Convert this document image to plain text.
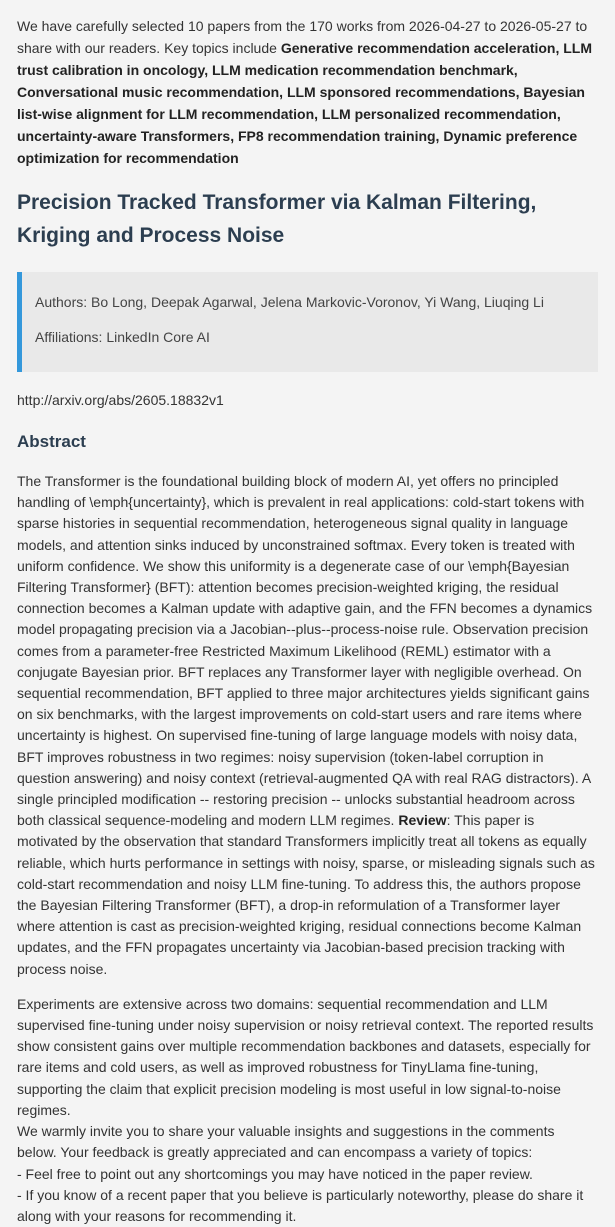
We have carefully selected 10 papers from the 170 works from 2026-04-27 to 2026-05-27 to share with our readers. Key topics include Generative recommendation acceleration, LLM trust calibration in oncology, LLM medication recommendation benchmark, Conversational music recommendation, LLM sponsored recommendations, Bayesian list-wise alignment for LLM recommendation, LLM personalized recommendation, uncertainty-aware Transformers, FP8 recommendation training, Dynamic preference optimization for recommendation

Precision Tracked Transformer via Kalman Filtering, Kriging and Process Noise

Authors: Bo Long, Deepak Agarwal, Jelena Markovic-Voronov, Yi Wang, Liuqing Li

Affiliations: LinkedIn Core AI

http://arxiv.org/abs/2605.18832v1

Abstract

The Transformer is the foundational building block of modern AI, yet offers no principled handling of \emph{uncertainty}, which is prevalent in real applications: cold-start tokens with sparse histories in sequential recommendation, heterogeneous signal quality in language models, and attention sinks induced by unconstrained softmax. Every token is treated with uniform confidence. We show this uniformity is a degenerate case of our \emph{Bayesian Filtering Transformer} (BFT): attention becomes precision-weighted kriging, the residual connection becomes a Kalman update with adaptive gain, and the FFN becomes a dynamics model propagating precision via a Jacobian--plus--process-noise rule. Observation precision comes from a parameter-free Restricted Maximum Likelihood (REML) estimator with a conjugate Bayesian prior. BFT replaces any Transformer layer with negligible overhead. On sequential recommendation, BFT applied to three major architectures yields significant gains on six benchmarks, with the largest improvements on cold-start users and rare items where uncertainty is highest. On supervised fine-tuning of large language models with noisy data, BFT improves robustness in two regimes: noisy supervision (token-label corruption in question answering) and noisy context (retrieval-augmented QA with real RAG distractors). A single principled modification -- restoring precision -- unlocks substantial headroom across both classical sequence-modeling and modern LLM regimes. Review: This paper is motivated by the observation that standard Transformers implicitly treat all tokens as equally reliable, which hurts performance in settings with noisy, sparse, or misleading signals such as cold-start recommendation and noisy LLM fine-tuning. To address this, the authors propose the Bayesian Filtering Transformer (BFT), a drop-in reformulation of a Transformer layer where attention is cast as precision-weighted kriging, residual connections become Kalman updates, and the FFN propagates uncertainty via Jacobian-based precision tracking with process noise.

Experiments are extensive across two domains: sequential recommendation and LLM supervised fine-tuning under noisy supervision or noisy retrieval context. The reported results show consistent gains over multiple recommendation backbones and datasets, especially for rare items and cold users, as well as improved robustness for TinyLlama fine-tuning, supporting the claim that explicit precision modeling is most useful in low signal-to-noise regimes.
We warmly invite you to share your valuable insights and suggestions in the comments below. Your feedback is greatly appreciated and can encompass a variety of topics:
- Feel free to point out any shortcomings you may have noticed in the paper review.
- If you know of a recent paper that you believe is particularly noteworthy, please do share it along with your reasons for recommending it.
